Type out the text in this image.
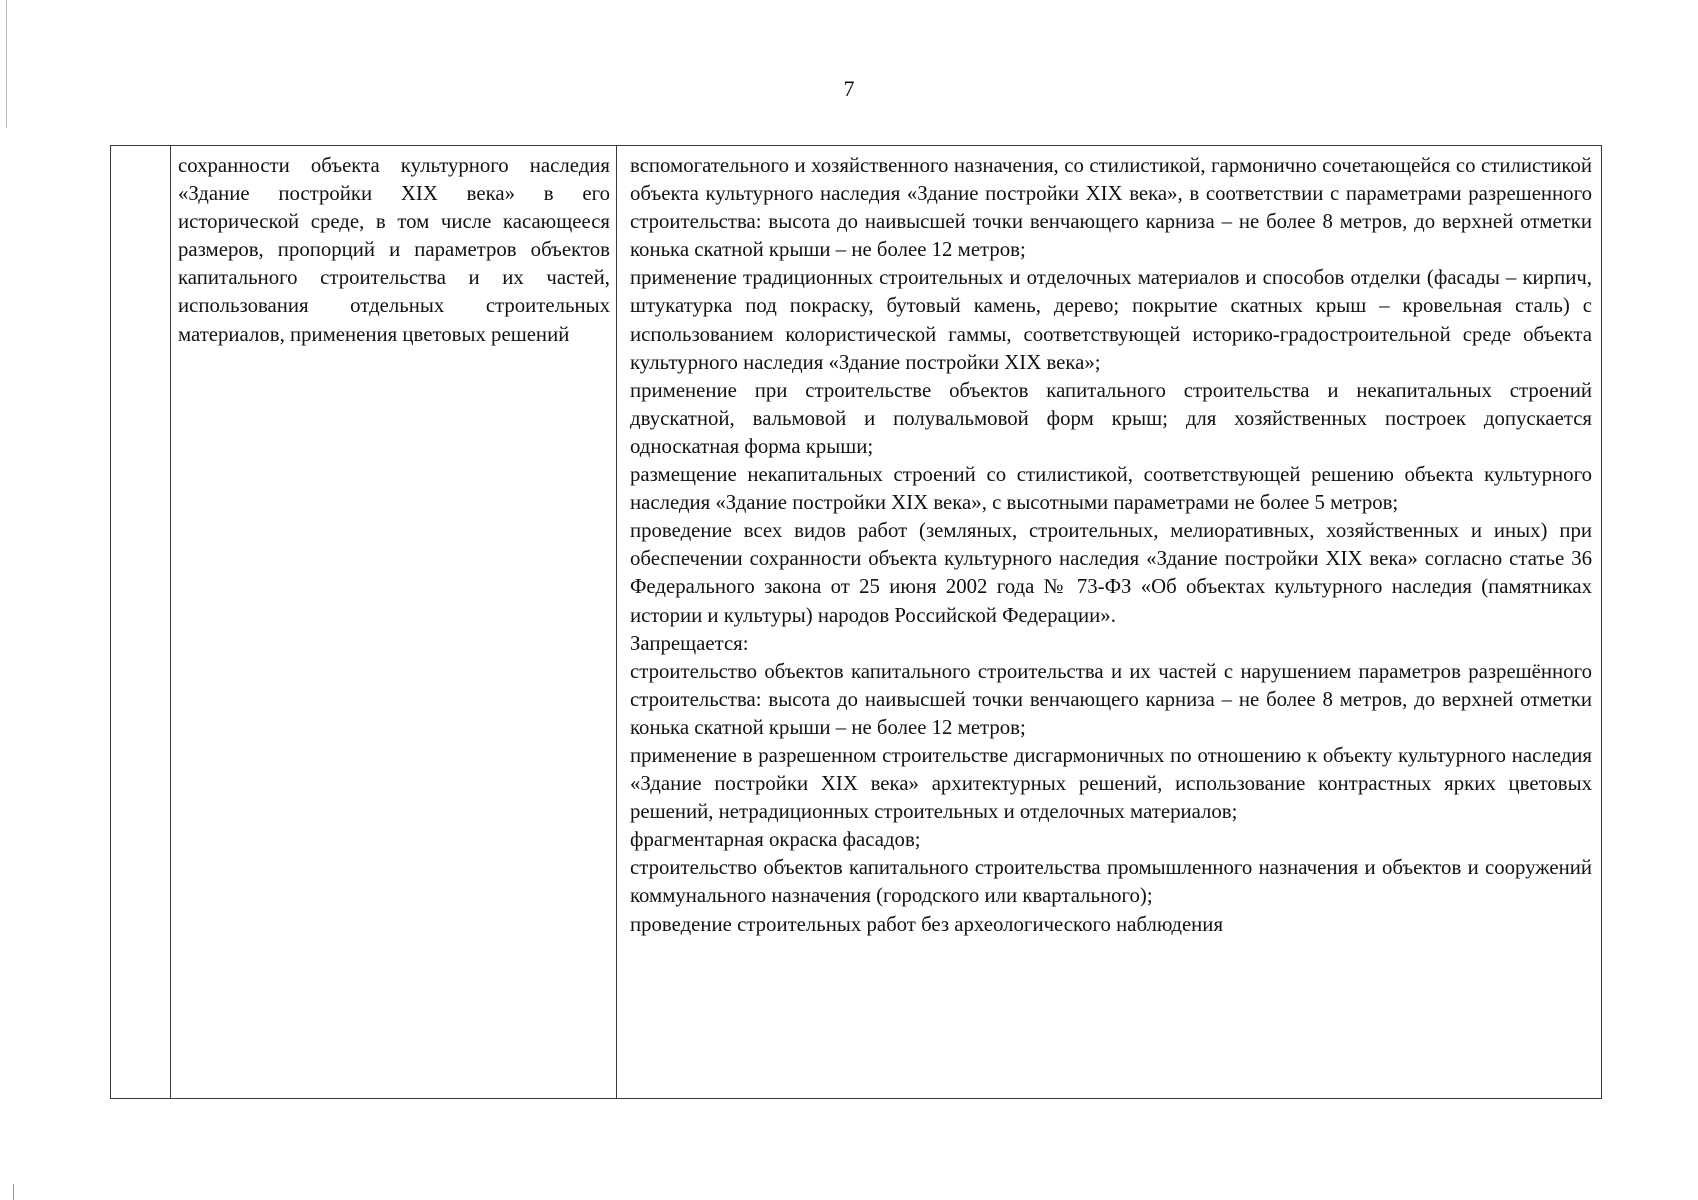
7

сохранности объекта культурного наследия «Здание постройки XIX века» в его исторической среде, в том числе касающееся размеров, пропорций и параметров объектов капитального строительства и их частей, использования отдельных строительных материалов, применения цветовых решений

вспомогательного и хозяйственного назначения, со стилистикой, гармонично сочетающейся со стилистикой объекта культурного наследия «Здание постройки XIX века», в соответствии с параметрами разрешенного строительства: высота до наивысшей точки венчающего карниза – не более 8 метров, до верхней отметки конька скатной крыши – не более 12 метров;

применение традиционных строительных и отделочных материалов и способов отделки (фасады – кирпич, штукатурка под покраску, бутовый камень, дерево; покрытие скатных крыш – кровельная сталь) с использованием колористической гаммы, соответствующей историко-градостроительной среде объекта культурного наследия «Здание постройки XIX века»;

применение при строительстве объектов капитального строительства и некапитальных строений двускатной, вальмовой и полувальмовой форм крыш; для хозяйственных построек допускается односкатная форма крыши;

размещение некапитальных строений со стилистикой, соответствующей решению объекта культурного наследия «Здание постройки XIX века», с высотными параметрами не более 5 метров;

проведение всех видов работ (земляных, строительных, мелиоративных, хозяйственных и иных) при обеспечении сохранности объекта культурного наследия «Здание постройки XIX века» согласно статье 36 Федерального закона от 25 июня 2002 года № 73-ФЗ «Об объектах культурного наследия (памятниках истории и культуры) народов Российской Федерации».

Запрещается:

строительство объектов капитального строительства и их частей с нарушением параметров разрешённого строительства: высота до наивысшей точки венчающего карниза – не более 8 метров, до верхней отметки конька скатной крыши – не более 12 метров;

применение в разрешенном строительстве дисгармоничных по отношению к объекту культурного наследия «Здание постройки XIX века» архитектурных решений, использование контрастных ярких цветовых решений, нетрадиционных строительных и отделочных материалов;

фрагментарная окраска фасадов;

строительство объектов капитального строительства промышленного назначения и объектов и сооружений коммунального назначения (городского или квартального);

проведение строительных работ без археологического наблюдения
